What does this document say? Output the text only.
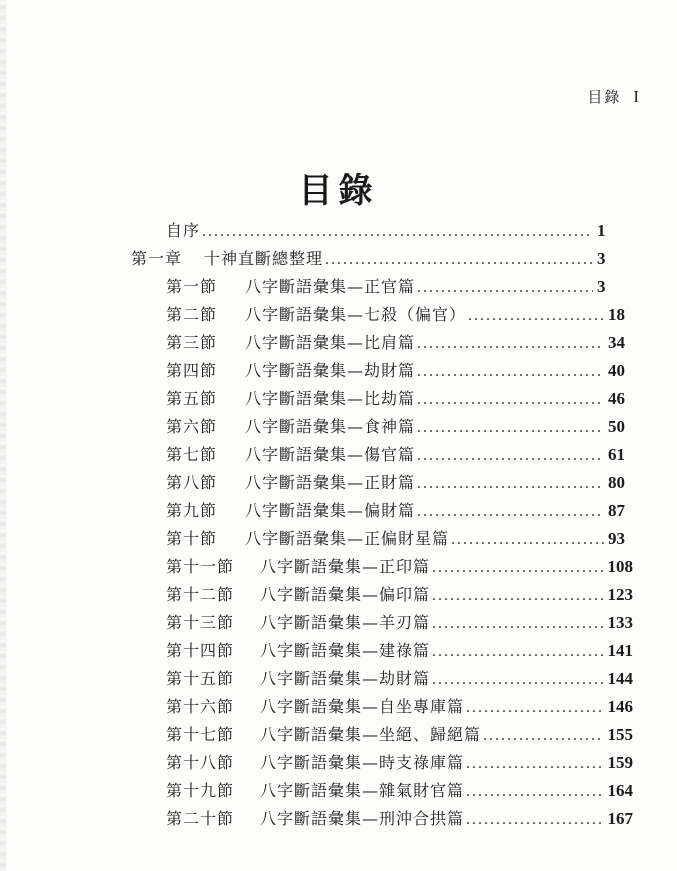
目錄 I
目錄
自序 .....	1
第一章 十神直斷總整理 .....	3
第一節 八字斷語彙集—正官篇 .....	3
第二節 八字斷語彙集—七殺（偏官） .....	18
第三節 八字斷語彙集—比肩篇 .....	34
第四節 八字斷語彙集—劫財篇 .....	40
第五節 八字斷語彙集—比劫篇 .....	46
第六節 八字斷語彙集—食神篇 .....	50
第七節 八字斷語彙集—傷官篇 .....	61
第八節 八字斷語彙集—正財篇 .....	80
第九節 八字斷語彙集—偏財篇 .....	87
第十節 八字斷語彙集—正偏財星篇 .....	93
第十一節 八字斷語彙集—正印篇 .....	108
第十二節 八字斷語彙集—偏印篇 .....	123
第十三節 八字斷語彙集—羊刃篇 .....	133
第十四節 八字斷語彙集—建祿篇 .....	141
第十五節 八字斷語彙集—劫財篇 .....	144
第十六節 八字斷語彙集—自坐專庫篇 .....	146
第十七節 八字斷語彙集—坐絕、歸絕篇 .....	155
第十八節 八字斷語彙集—時支祿庫篇 .....	159
第十九節 八字斷語彙集—雜氣財官篇 .....	164
第二十節 八字斷語彙集—刑沖合拱篇 .....	167
